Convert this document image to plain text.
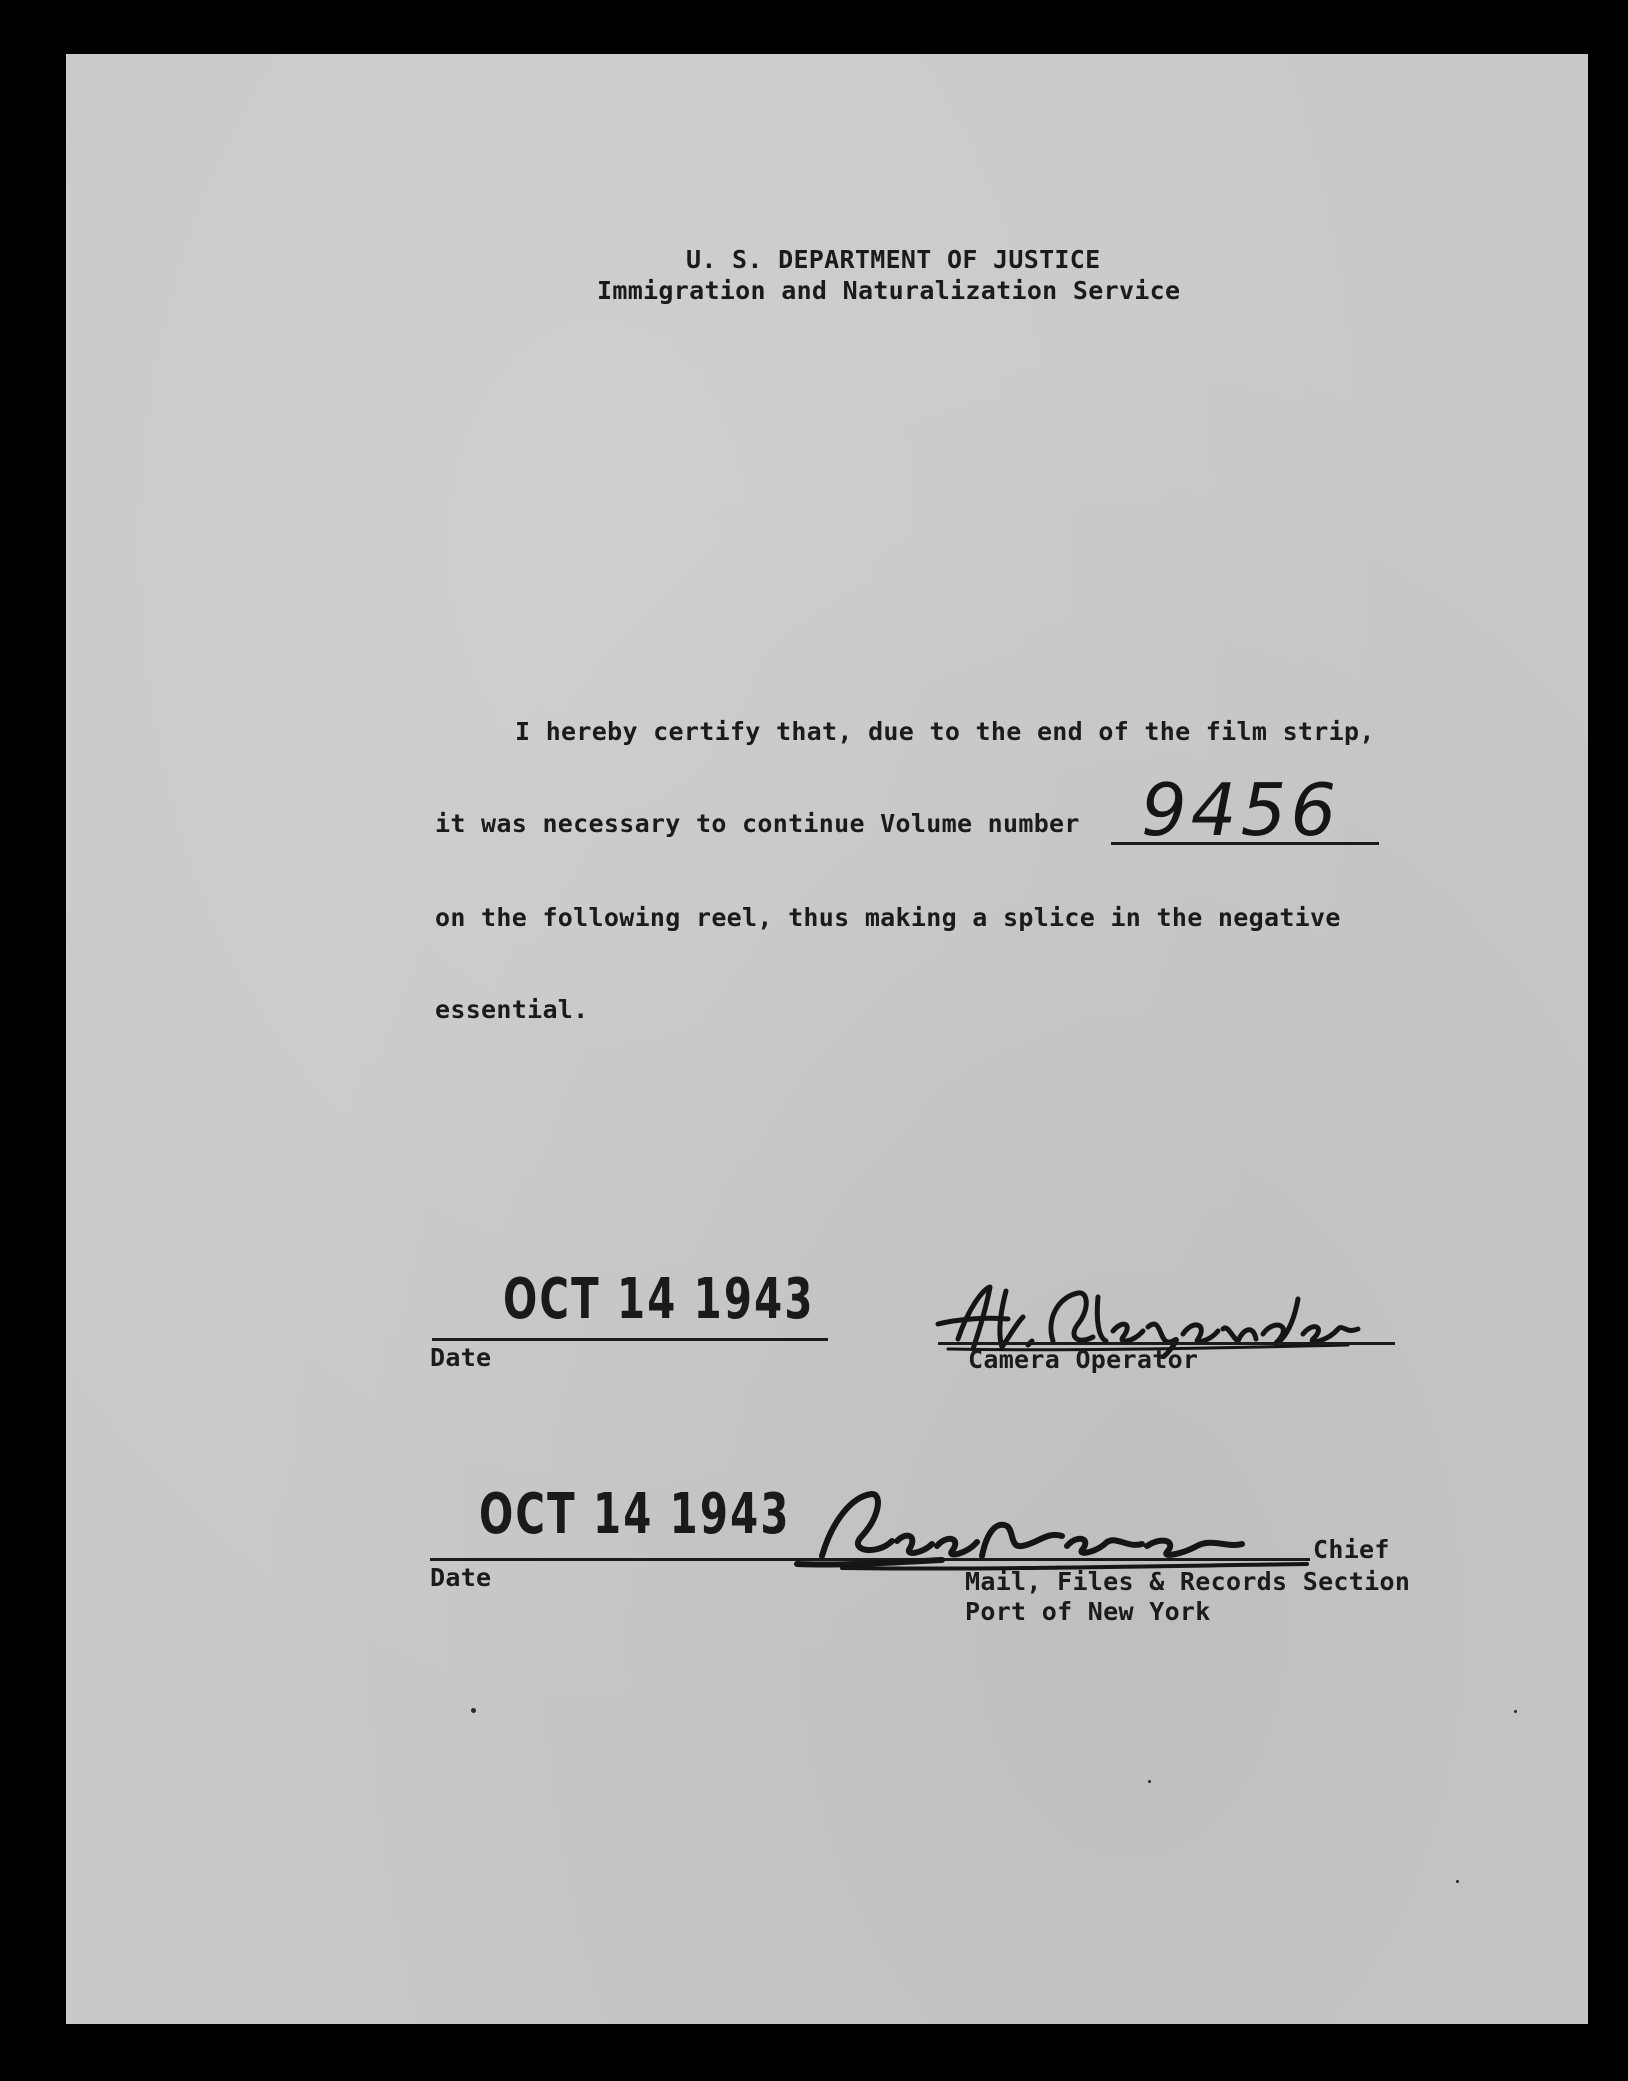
U. S. DEPARTMENT OF JUSTICE
Immigration and Naturalization Service
I hereby certify that, due to the end of the film strip,
it was necessary to continue Volume number 9456
on the following reel, thus making a splice in the negative
essential.
OCT 14 1943
Date	Camera Operator
OCT 14 1943
Date
Chief
Mail, Files & Records Section
Port of New York
